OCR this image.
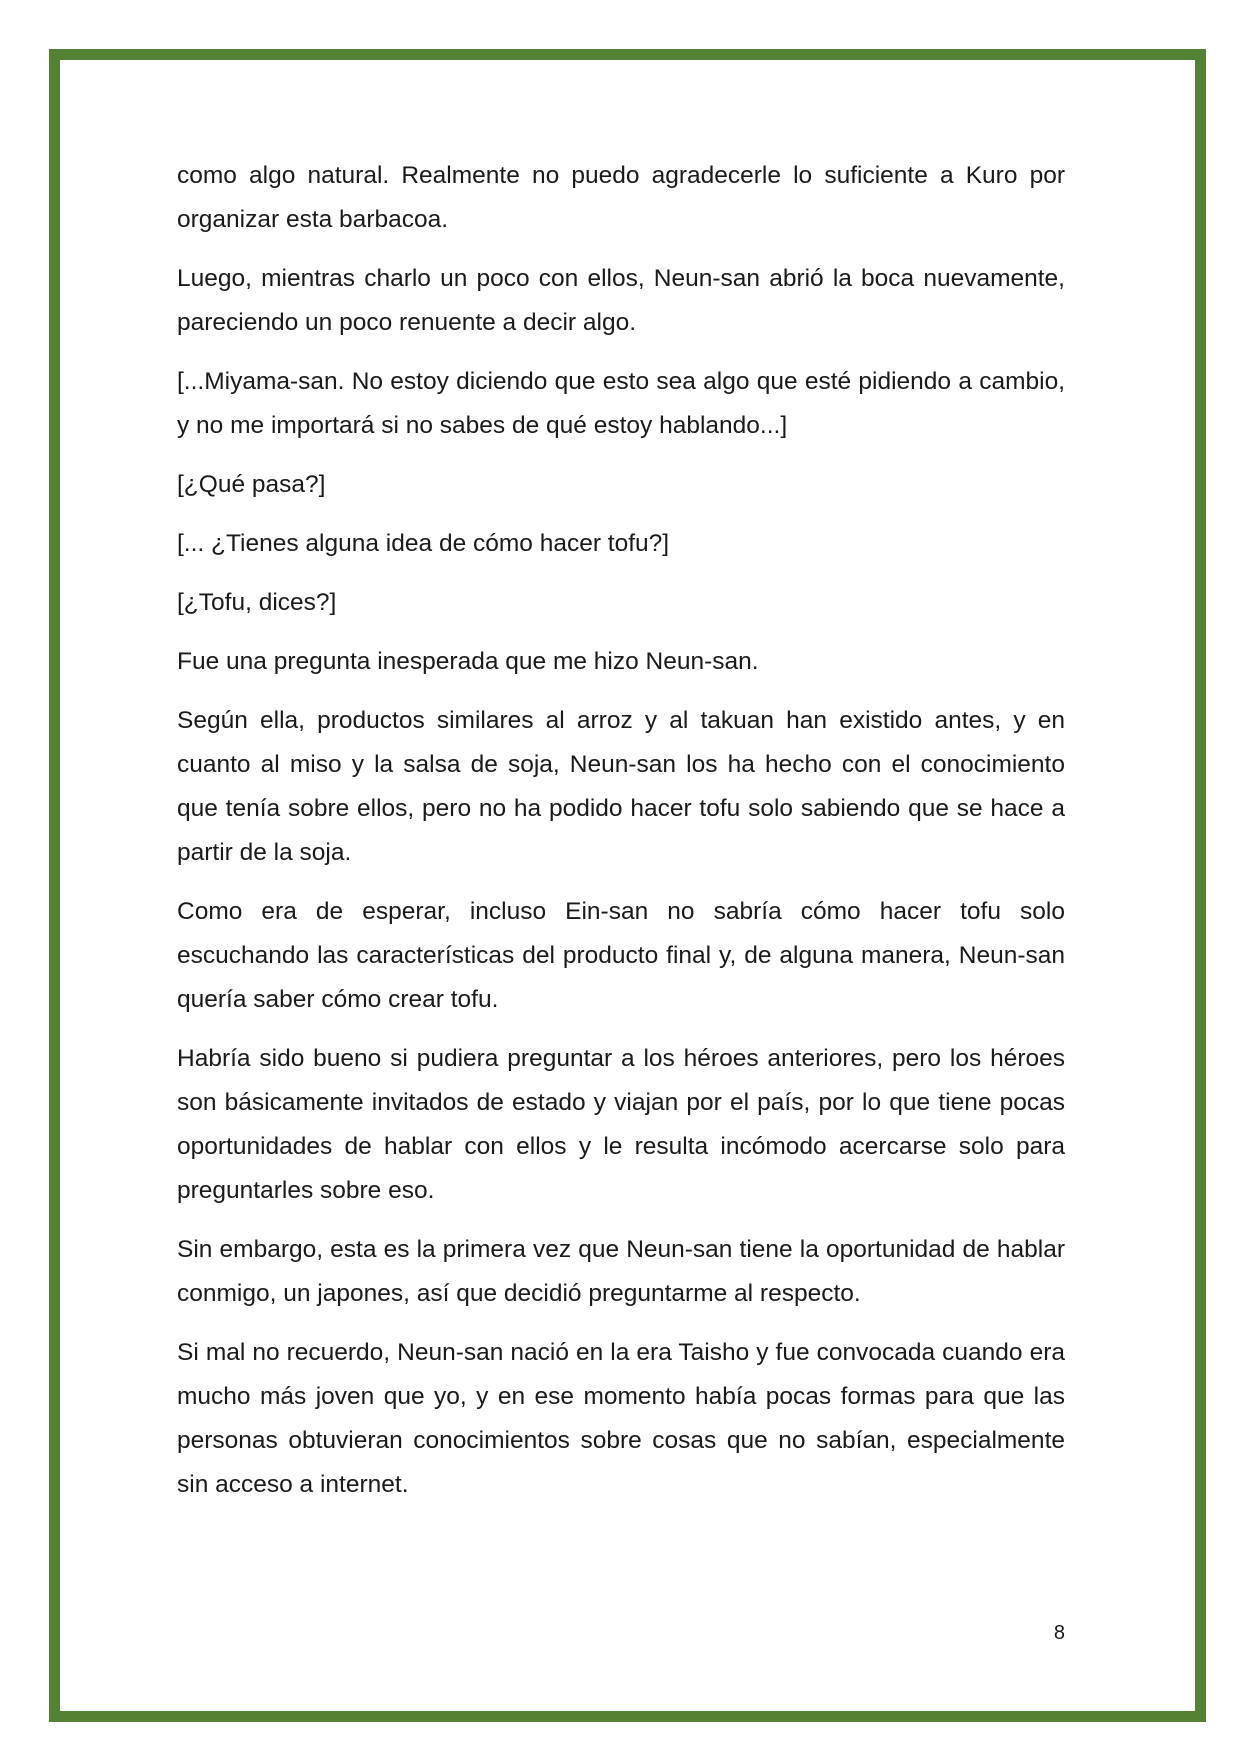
como algo natural. Realmente no puedo agradecerle lo suficiente a Kuro por organizar esta barbacoa.

Luego, mientras charlo un poco con ellos, Neun-san abrió la boca nuevamente, pareciendo un poco renuente a decir algo.

[...Miyama-san. No estoy diciendo que esto sea algo que esté pidiendo a cambio, y no me importará si no sabes de qué estoy hablando...]

[¿Qué pasa?]

[... ¿Tienes alguna idea de cómo hacer tofu?]

[¿Tofu, dices?]

Fue una pregunta inesperada que me hizo Neun-san.

Según ella, productos similares al arroz y al takuan han existido antes, y en cuanto al miso y la salsa de soja, Neun-san los ha hecho con el conocimiento que tenía sobre ellos, pero no ha podido hacer tofu solo sabiendo que se hace a partir de la soja.

Como era de esperar, incluso Ein-san no sabría cómo hacer tofu solo escuchando las características del producto final y, de alguna manera, Neun-san quería saber cómo crear tofu.

Habría sido bueno si pudiera preguntar a los héroes anteriores, pero los héroes son básicamente invitados de estado y viajan por el país, por lo que tiene pocas oportunidades de hablar con ellos y le resulta incómodo acercarse solo para preguntarles sobre eso.

Sin embargo, esta es la primera vez que Neun-san tiene la oportunidad de hablar conmigo, un japones, así que decidió preguntarme al respecto.

Si mal no recuerdo, Neun-san nació en la era Taisho y fue convocada cuando era mucho más joven que yo, y en ese momento había pocas formas para que las personas obtuvieran conocimientos sobre cosas que no sabían, especialmente sin acceso a internet.

8
